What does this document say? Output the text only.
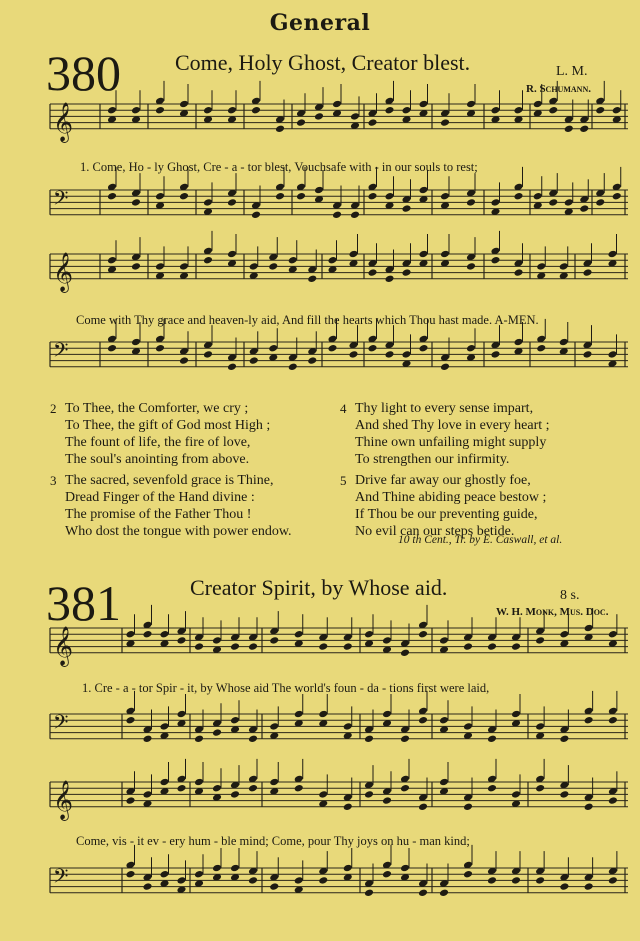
General
380 Come, Holy Ghost, Creator blest.	L. M.
R. Schumann.
𝄞
𝄢
𝄞
𝄢
𝄞
𝄢
𝄞
𝄢
1. Come, Ho - ly Ghost, Cre - a - tor blest, Vouchsafe with - in our souls to rest;
Come with Thy grace and heaven-ly aid, And fill the hearts which Thou hast made. A-MEN.
2 To Thee, the Comforter, we cry ;
To Thee, the gift of God most High ;
The fount of life, the fire of love,
The soul's anointing from above.
3 The sacred, sevenfold grace is Thine,
Dread Finger of the Hand divine :
The promise of the Father Thou !
Who dost the tongue with power endow.
4 Thy light to every sense impart,
And shed Thy love in every heart ;
Thine own unfailing might supply
To strengthen our infirmity.
5 Drive far away our ghostly foe,
And Thine abiding peace bestow ;
If Thou be our preventing guide,
No evil can our steps betide.
10 th Cent., Tr. by E. Caswall, et al.
381	Creator Spirit, by Whose aid.	8 s.
W. H. Monk, Mus. Doc.
1. Cre - a - tor Spir - it, by Whose aid The world's foun - da - tions first were laid,
Come, vis - it ev - ery hum - ble mind; Come, pour Thy joys on hu - man kind;
